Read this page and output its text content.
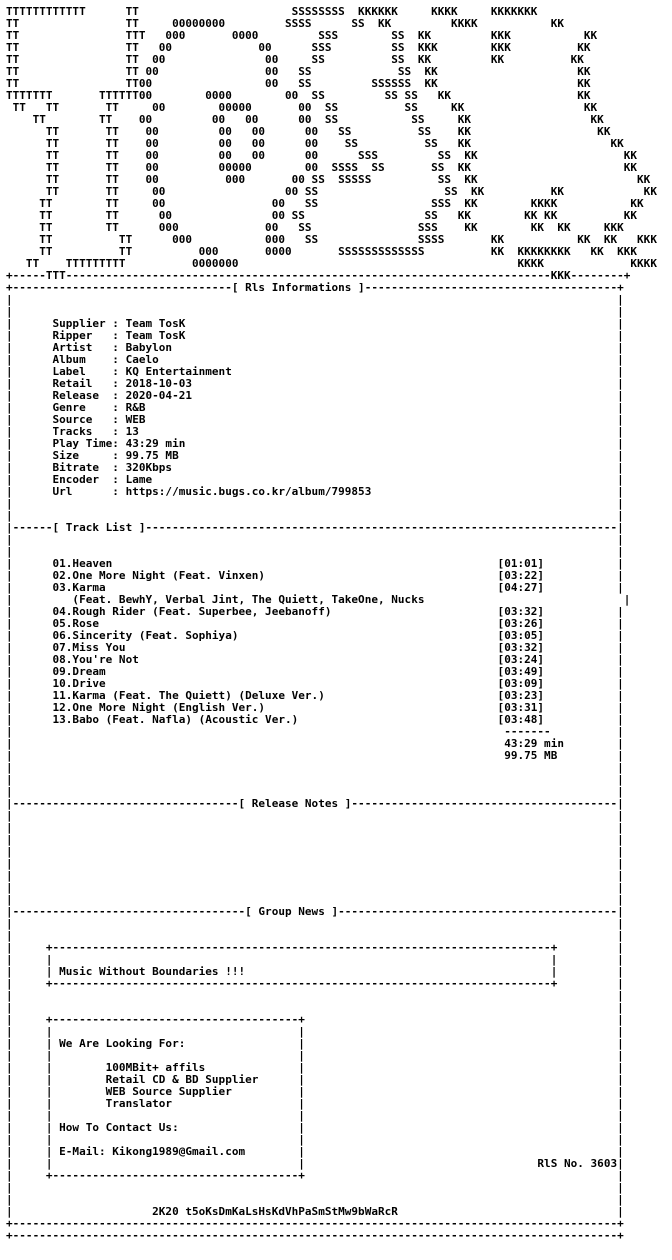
TTTTTTTTTTTT      TT                       SSSSSSSS  KKKKKK     KKKK     KKKKKKK
TT                TT     00000000         SSSS      SS  KK         KKKK           KK
TT                TTT   000       0000         SSS        SS  KK         KKK           KK
TT                TT   00             00      SSS         SS  KKK        KKK          KK
TT                TT  00               00     SS          SS  KK         KK          KK
TT                TT 00                00   SS             SS  KK                     KK
TT                TT00                 00   SS         SSSSSS  KK                     KK
TTTTTTT       TTTTTT00        0000        00  SS         SS SS   KK                   KK
TT   TT       TT     00        00000       00  SS          SS     KK                  KK
TT        TT    00         00   00      00  SS           SS     KK                  KK
TT       TT    00         00   00      00   SS          SS    KK                   KK
TT       TT    00         00   00      00    SS          SS   KK                     KK
TT       TT    00         00   00      00      SSS         SS  KK                      KK
TT       TT    00         00000        00  SSSS  SS       SS  KK                       KK
TT       TT    00          000       00 SS  SSSSS          SS  KK                        KK
TT       TT     00                  00 SS                   SS  KK          KK            KK
TT        TT     00                00   SS                 SSS  KK        KKKK           KK
TT        TT      00               00 SS                  SS   KK        KK KK          KK
TT        TT      000             00   SS                SSS    KK        KK  KK     KKK
TT          TT      000           000   SS               SSSS       KK           KK  KK   KKK
TT          TT          000       0000       SSSSSSSSSSSSS          KK  KKKKKKKK   KK  KKK
TT    TTTTTTTTT          0000000                                          KKKK             KKKK
+-----TTT-------------------------------------------------------------------------KKK--------+
+---------------------------------[ Rls Informations ]--------------------------------------+
|                                                                                           |
|                                                                                           |
|      Supplier : Team TosK                                                                 |
|      Ripper   : Team TosK                                                                 |
|      Artist   : Babylon                                                                   |
|      Album    : Caelo                                                                     |
|      Label    : KQ Entertainment                                                          |
|      Retail   : 2018-10-03                                                                |
|      Release  : 2020-04-21                                                                |
|      Genre    : R&B                                                                       |
|      Source   : WEB                                                                       |
|      Tracks   : 13                                                                        |
|      Play Time: 43:29 min                                                                 |
|      Size     : 99.75 MB                                                                  |
|      Bitrate  : 320Kbps                                                                   |
|      Encoder  : Lame                                                                      |
|      Url      : https://music.bugs.co.kr/album/799853                                     |
|                                                                                           |
|                                                                                           |
|------[ Track List ]-----------------------------------------------------------------------|
|                                                                                           |
|                                                                                           |
|      01.Heaven                                                          [01:01]           |
|      02.One More Night (Feat. Vinxen)                                   [03:22]           |
|      03.Karma                                                           [04:27]           |
|         (Feat. BewhY, Verbal Jint, The Quiett, TakeOne, Nucks                              |
|      04.Rough Rider (Feat. Superbee, Jeebanoff)                         [03:32]           |
|      05.Rose                                                            [03:26]           |
|      06.Sincerity (Feat. Sophiya)                                       [03:05]           |
|      07.Miss You                                                        [03:32]           |
|      08.You're Not                                                      [03:24]           |
|      09.Dream                                                           [03:49]           |
|      10.Drive                                                           [03:09]           |
|      11.Karma (Feat. The Quiett) (Deluxe Ver.)                          [03:23]           |
|      12.One More Night (English Ver.)                                   [03:31]           |
|      13.Babo (Feat. Nafla) (Acoustic Ver.)                              [03:48]           |
|                                                                          -------          |
|                                                                          43:29 min        |
|                                                                          99.75 MB         |
|                                                                                           |
|                                                                                           |
|                                                                                           |
|----------------------------------[ Release Notes ]----------------------------------------|
|                                                                                           |
|                                                                                           |
|                                                                                           |
|                                                                                           |
|                                                                                           |
|                                                                                           |
|                                                                                           |
|                                                                                           |
|-----------------------------------[ Group News ]------------------------------------------|
|                                                                                           |
|                                                                                           |
|     +---------------------------------------------------------------------------+         |
|     |                                                                           |         |
|     | Music Without Boundaries !!!                                              |         |
|     +---------------------------------------------------------------------------+         |
|                                                                                           |
|                                                                                           |
|     +-------------------------------------+                                               |
|     |                                     |                                               |
|     | We Are Looking For:                 |                                               |
|     |                                     |                                               |
|     |        100MBit+ affils              |                                               |
|     |        Retail CD & BD Supplier      |                                               |
|     |        WEB Source Supplier          |                                               |
|     |        Translator                   |                                               |
|     |                                     |                                               |
|     | How To Contact Us:                  |                                               |
|     |                                     |                                               |
|     | E-Mail: Kikong1989@Gmail.com        |                                               |
|     |                                     |                                   RlS No. 3603|
|     +-------------------------------------+                                               |
|                                                                                           |
|                                                                                           |
|                     2K20 t5oKsDmKaLsHsKdVhPaSmStMw9bWaRcR                                 |
+-------------------------------------------------------------------------------------------+
+-------------------------------------------------------------------------------------------+
